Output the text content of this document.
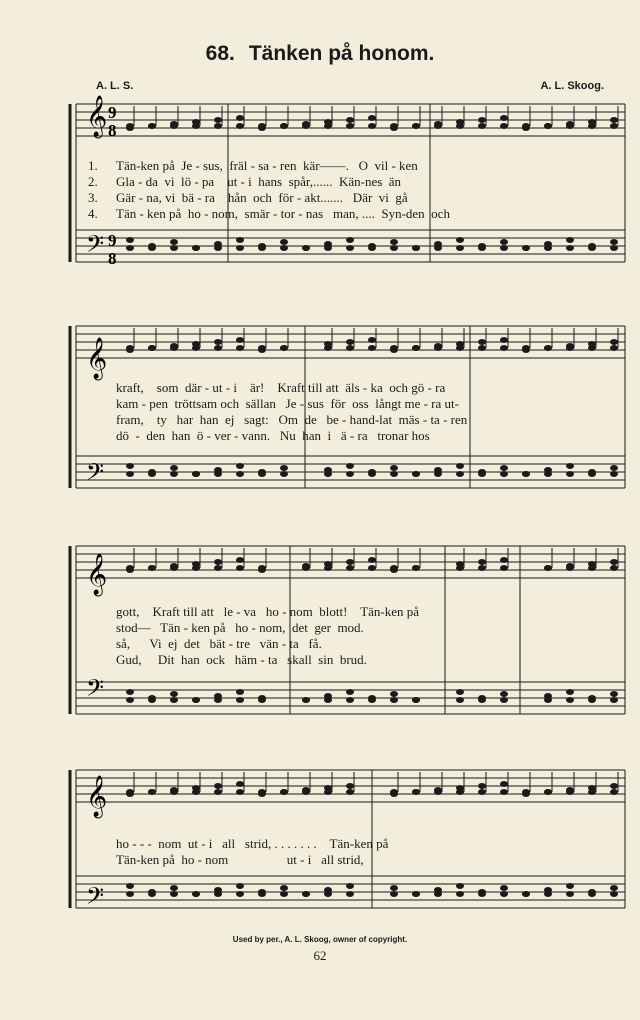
68. Tänken på honom.
A. L. S.	A. L. Skoog.
𝄞
𝄢
𝄞
𝄢
𝄞
𝄢
𝄞
𝄢
9
8
9
8
1.
2.
3.
4.
Tän-ken på  Je - sus,  fräl - sa - ren  kär——.   O  vil - ken
Gla - da  vi  lö - pa    ut - i  hans  spår,......  Kän-nes  än
Gär - na, vi  bä - ra    hån  och  för - akt.......   Där  vi  gå
Tän - ken på  ho - nom,  smär - tor - nas   man, ....  Syn-den  och
kraft,    som  där - ut - i    är!    Kraft till att  äls - ka  och gö - ra
kam - pen  tröttsam och  sällan   Je - sus  för  oss  långt me - ra ut-
fram,    ty   har  han  ej   sagt:   Om  de   be - hand-lat  mäs - ta - ren
dö  -  den  han  ö - ver - vann.   Nu  han  i   ä - ra   tronar hos
gott,    Kraft till att   le - va   ho - nom  blott!    Tän-ken på
stod—   Tän - ken på   ho - nom,  det  ger  mod.
så,      Vi  ej  det   bät - tre   vän - ta   få.
Gud,     Dit  han  ock   häm - ta   skall  sin  brud.
ho - - -  nom  ut - i   all   strid, . . . . . . .    Tän-ken på
Tän-ken på  ho - nom                  ut - i   all strid,
Used by per., A. L. Skoog, owner of copyright.
62
